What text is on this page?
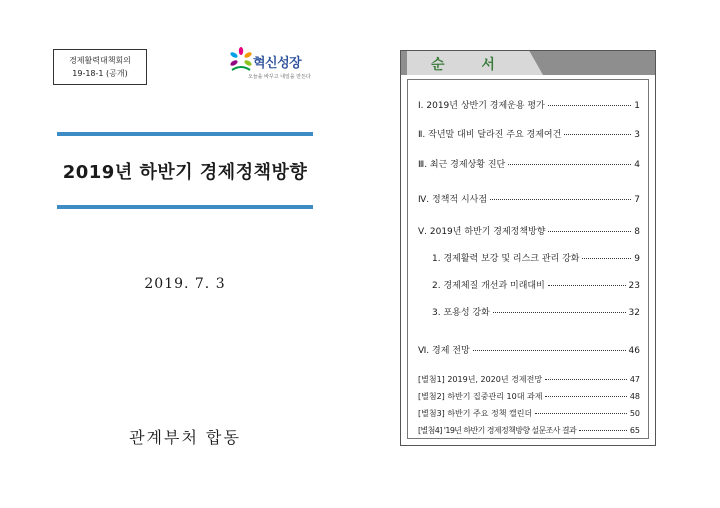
경제활력대책회의
19-18-1 (공개)
혁신성장
오늘을 바꾸고 내일을 만든다
2019년 하반기 경제정책방향
2019. 7. 3
관계부처 합동
순 서
Ⅰ. 2019년 상반기 경제운용 평가	1
Ⅱ. 작년말 대비 달라진 주요 경제여건	3
Ⅲ. 최근 경제상황 진단	4
Ⅳ. 정책적 시사점	7
Ⅴ. 2019년 하반기 경제정책방향	8
1. 경제활력 보강 및 리스크 관리 강화	9
2. 경제체질 개선과 미래대비	23
3. 포용성 강화	32
Ⅵ. 경제 전망	46
[별첨1] 2019년, 2020년 경제전망	47
[별첨2] 하반기 집중관리 10대 과제	48
[별첨3] 하반기 주요 정책 캘린더	50
[별첨4] '19년 하반기 경제정책방향 설문조사 결과	65
